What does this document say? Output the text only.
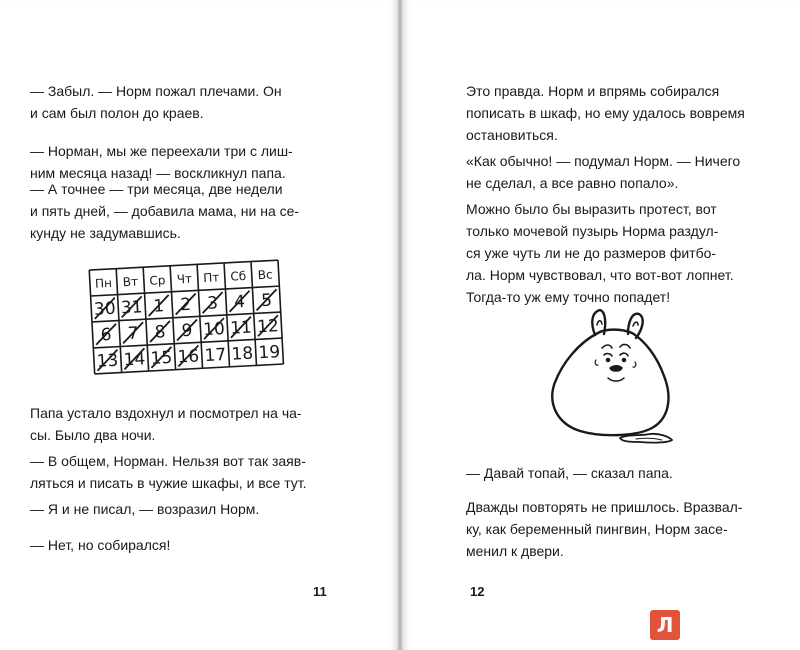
— Забыл. — Норм пожал плечами. Он
и сам был полон до краев.

— Норман, мы же переехали три с лиш-
ним месяца назад! — воскликнул папа.

— А точнее — три месяца, две недели
и пять дней, — добавила мама, ни на се-
кунду не задумавшись.

Пн Вт Ср Чт Пт Сб Вс
30 31 1 2 3 4 5
6 7 8 9 10 11 12
13 14 15 16 17 18 19

Папа устало вздохнул и посмотрел на ча-
сы. Было два ночи.

— В общем, Норман. Нельзя вот так заяв-
ляться и писать в чужие шкафы, и все тут.

— Я и не писал, — возразил Норм.

— Нет, но собирался!

11

Это правда. Норм и впрямь собирался
пописать в шкаф, но ему удалось вовремя
остановиться.

«Как обычно! — подумал Норм. — Ничего
не сделал, а все равно попало».

Можно было бы выразить протест, вот
только мочевой пузырь Норма раздул-
ся уже чуть ли не до размеров фитбо-
ла. Норм чувствовал, что вот-вот лопнет.
Тогда-то уж ему точно попадет!

— Давай топай, — сказал папа.

Дважды повторять не пришлось. Вразвал-
ку, как беременный пингвин, Норм засе-
менил к двери.

12
Л
